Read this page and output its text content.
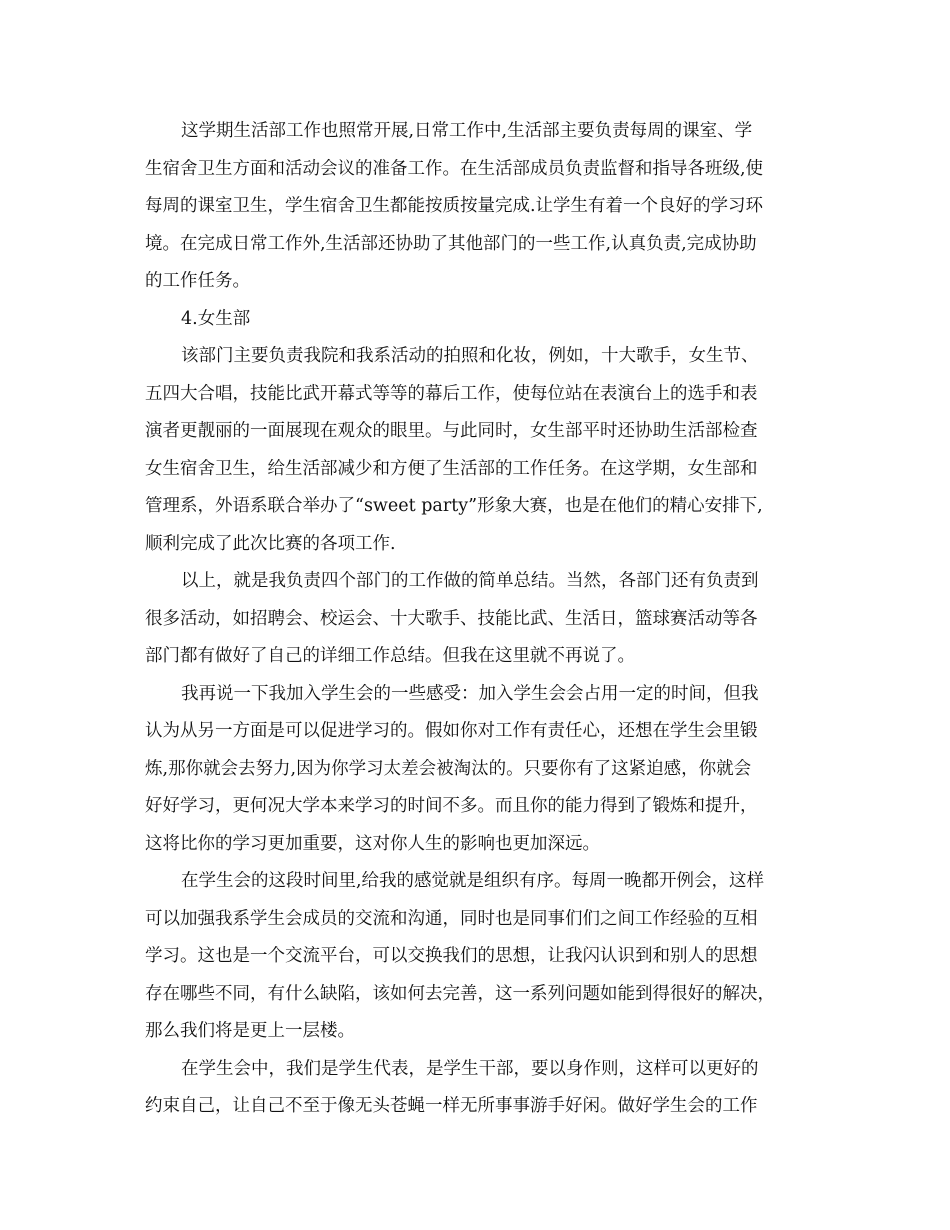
这学期生活部工作也照常开展,日常工作中,生活部主要负责每周的课室、学
生宿舍卫生方面和活动会议的准备工作。在生活部成员负责监督和指导各班级,使
每周的课室卫生，学生宿舍卫生都能按质按量完成.让学生有着一个良好的学习环
境。在完成日常工作外,生活部还协助了其他部门的一些工作,认真负责,完成协助
的工作任务。

4.女生部

该部门主要负责我院和我系活动的拍照和化妆，例如，十大歌手，女生节、
五四大合唱，技能比武开幕式等等的幕后工作，使每位站在表演台上的选手和表
演者更靓丽的一面展现在观众的眼里。与此同时，女生部平时还协助生活部检查
女生宿舍卫生，给生活部减少和方便了生活部的工作任务。在这学期，女生部和
管理系，外语系联合举办了“sweet party”形象大赛，也是在他们的精心安排下,
顺利完成了此次比赛的各项工作.

以上，就是我负责四个部门的工作做的简单总结。当然，各部门还有负责到
很多活动，如招聘会、校运会、十大歌手、技能比武、生活日，篮球赛活动等各
部门都有做好了自己的详细工作总结。但我在这里就不再说了。

我再说一下我加入学生会的一些感受：加入学生会会占用一定的时间，但我
认为从另一方面是可以促进学习的。假如你对工作有责任心，还想在学生会里锻
炼,那你就会去努力,因为你学习太差会被淘汰的。只要你有了这紧迫感，你就会
好好学习，更何况大学本来学习的时间不多。而且你的能力得到了锻炼和提升，
这将比你的学习更加重要，这对你人生的影响也更加深远。

在学生会的这段时间里,给我的感觉就是组织有序。每周一晚都开例会，这样
可以加强我系学生会成员的交流和沟通，同时也是同事们们之间工作经验的互相
学习。这也是一个交流平台，可以交换我们的思想，让我闪认识到和别人的思想
存在哪些不同，有什么缺陷，该如何去完善，这一系列问题如能到得很好的解决，
那么我们将是更上一层楼。

在学生会中，我们是学生代表，是学生干部，要以身作则，这样可以更好的
约束自己，让自己不至于像无头苍蝇一样无所事事游手好闲。做好学生会的工作
